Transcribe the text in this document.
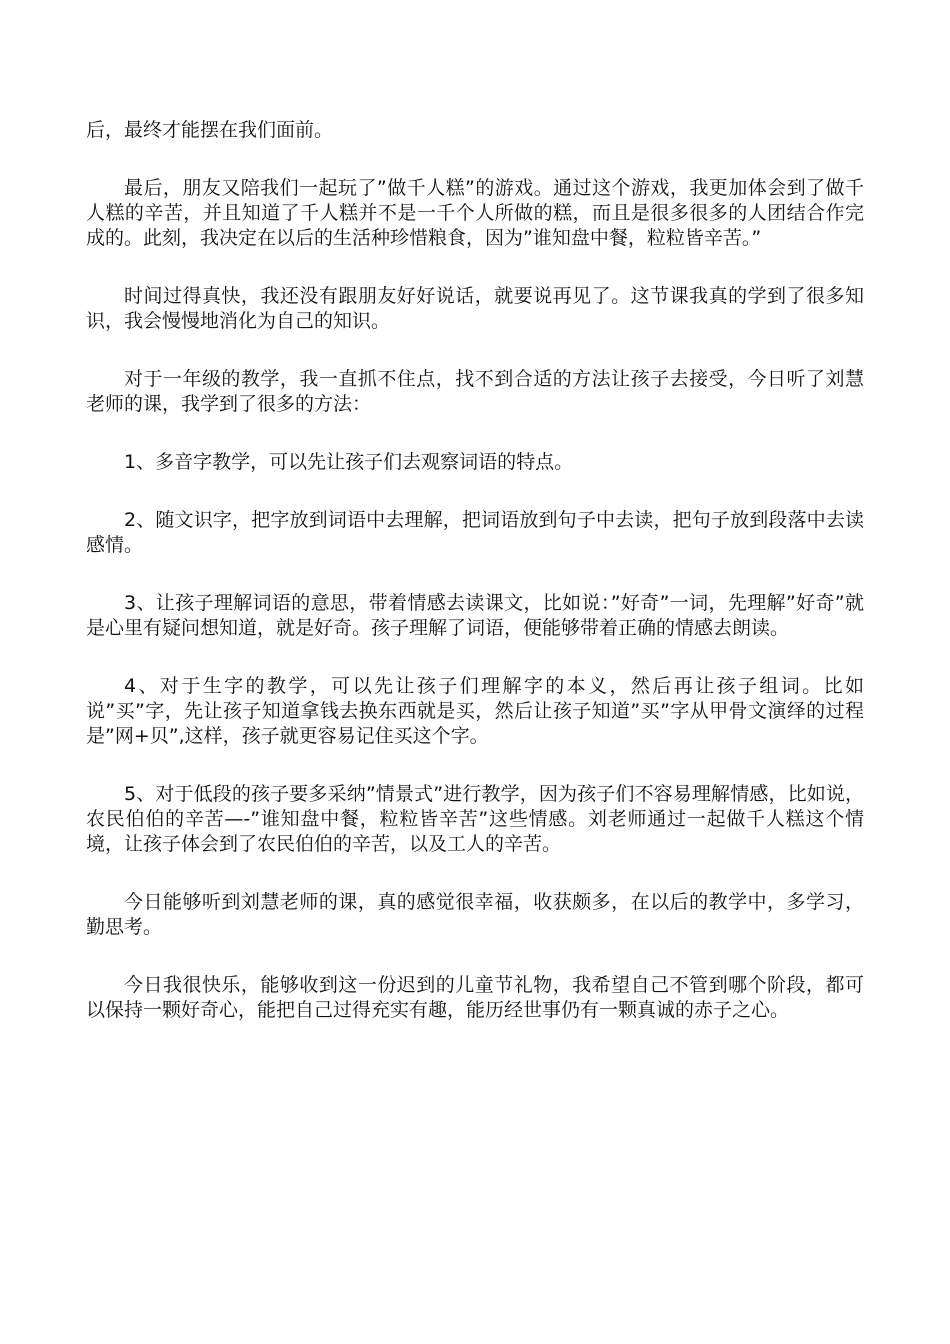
后，最终才能摆在我们面前。

最后，朋友又陪我们一起玩了”做千人糕”的游戏。通过这个游戏，我更加体会到了做千人糕的辛苦，并且知道了千人糕并不是一千个人所做的糕，而且是很多很多的人团结合作完成的。此刻，我决定在以后的生活种珍惜粮食，因为”谁知盘中餐，粒粒皆辛苦。”

时间过得真快，我还没有跟朋友好好说话，就要说再见了。这节课我真的学到了很多知识，我会慢慢地消化为自己的知识。

对于一年级的教学，我一直抓不住点，找不到合适的方法让孩子去接受，今日听了刘慧老师的课，我学到了很多的方法：

1、多音字教学，可以先让孩子们去观察词语的特点。

2、随文识字，把字放到词语中去理解，把词语放到句子中去读，把句子放到段落中去读感情。

3、让孩子理解词语的意思，带着情感去读课文，比如说：”好奇”一词，先理解”好奇”就是心里有疑问想知道，就是好奇。孩子理解了词语，便能够带着正确的情感去朗读。

4、对于生字的教学，可以先让孩子们理解字的本义，然后再让孩子组词。比如说”买”字，先让孩子知道拿钱去换东西就是买，然后让孩子知道”买”字从甲骨文演绎的过程是”网+贝”,这样，孩子就更容易记住买这个字。

5、对于低段的孩子要多采纳”情景式”进行教学，因为孩子们不容易理解情感，比如说，农民伯伯的辛苦—-”谁知盘中餐，粒粒皆辛苦”这些情感。刘老师通过一起做千人糕这个情境，让孩子体会到了农民伯伯的辛苦，以及工人的辛苦。

今日能够听到刘慧老师的课，真的感觉很幸福，收获颇多，在以后的教学中，多学习，勤思考。

今日我很快乐，能够收到这一份迟到的儿童节礼物，我希望自己不管到哪个阶段，都可以保持一颗好奇心，能把自己过得充实有趣，能历经世事仍有一颗真诚的赤子之心。
